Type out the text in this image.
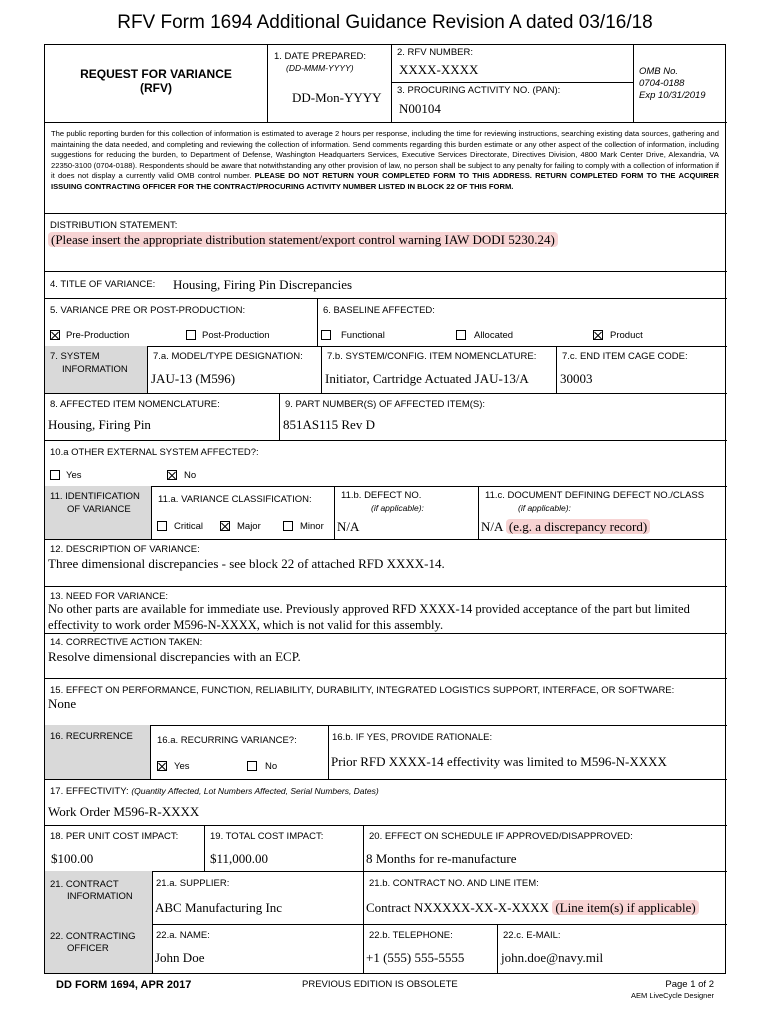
RFV Form 1694 Additional Guidance Revision A dated 03/16/18
REQUEST FOR VARIANCE
(RFV)
1. DATE PREPARED:
(DD-MMM-YYYY)
DD-Mon-YYYY
2. RFV NUMBER:
XXXX-XXXX
3. PROCURING ACTIVITY NO. (PAN):
N00104
OMB No.
0704-0188
Exp 10/31/2019
The public reporting burden for this collection of information is estimated to average 2 hours per response, including the time for reviewing instructions, searching existing data sources, gathering and maintaining the data needed, and completing and reviewing the collection of information. Send comments regarding this burden estimate or any other aspect of the collection of information, including suggestions for reducing the burden, to Department of Defense, Washington Headquarters Services, Executive Services Directorate, Directives Division, 4800 Mark Center Drive, Alexandria, VA 22350-3100 (0704-0188). Respondents should be aware that notwithstanding any other provision of law, no person shall be subject to any penalty for failing to comply with a collection of information if it does not display a currently valid OMB control number. PLEASE DO NOT RETURN YOUR COMPLETED FORM TO THIS ADDRESS. RETURN COMPLETED FORM TO THE ACQUIRER ISSUING CONTRACTING OFFICER FOR THE CONTRACT/PROCURING ACTIVITY NUMBER LISTED IN BLOCK 22 OF THIS FORM.
DISTRIBUTION STATEMENT:
(Please insert the appropriate distribution statement/export control warning IAW DODI 5230.24)
4. TITLE OF VARIANCE: Housing, Firing Pin Discrepancies
5. VARIANCE PRE OR POST-PRODUCTION:	6. BASELINE AFFECTED:
Pre-Production	Post-Production	Functional	Allocated	Product
7. SYSTEM
INFORMATION
7.a. MODEL/TYPE DESIGNATION:
JAU-13 (M596)
7.b. SYSTEM/CONFIG. ITEM NOMENCLATURE:
Initiator, Cartridge Actuated JAU-13/A
7.c. END ITEM CAGE CODE:
30003
8. AFFECTED ITEM NOMENCLATURE:
Housing, Firing Pin
9. PART NUMBER(S) OF AFFECTED ITEM(S):
851AS115 Rev D
10.a OTHER EXTERNAL SYSTEM AFFECTED?:
Yes	No
11. IDENTIFICATION
OF VARIANCE
11.a. VARIANCE CLASSIFICATION:
Critical	Major	Minor
11.b. DEFECT NO.
(if applicable):
N/A
11.c. DOCUMENT DEFINING DEFECT NO./CLASS
(if applicable):
N/A (e.g. a discrepancy record)
12. DESCRIPTION OF VARIANCE:
Three dimensional discrepancies - see block 22 of attached RFD XXXX-14.
13. NEED FOR VARIANCE:
No other parts are available for immediate use. Previously approved RFD XXXX-14 provided acceptance of the part but limited
effectivity to work order M596-N-XXXX, which is not valid for this assembly.
14. CORRECTIVE ACTION TAKEN:
Resolve dimensional discrepancies with an ECP.
15. EFFECT ON PERFORMANCE, FUNCTION, RELIABILITY, DURABILITY, INTEGRATED LOGISTICS SUPPORT, INTERFACE, OR SOFTWARE:
None
16. RECURRENCE	16.a. RECURRING VARIANCE?:
Yes	No
16.b. IF YES, PROVIDE RATIONALE:
Prior RFD XXXX-14 effectivity was limited to M596-N-XXXX
17. EFFECTIVITY: (Quantity Affected, Lot Numbers Affected, Serial Numbers, Dates)
Work Order M596-R-XXXX
18. PER UNIT COST IMPACT:
$100.00
19. TOTAL COST IMPACT:
$11,000.00
20. EFFECT ON SCHEDULE IF APPROVED/DISAPPROVED:
8 Months for re-manufacture
21. CONTRACT
INFORMATION
21.a. SUPPLIER:
ABC Manufacturing Inc
21.b. CONTRACT NO. AND LINE ITEM:
Contract NXXXXX-XX-X-XXXX (Line item(s) if applicable)
22. CONTRACTING
OFFICER
22.a. NAME:
John Doe
22.b. TELEPHONE:
+1 (555) 555-5555
22.c. E-MAIL:
john.doe@navy.mil
DD FORM 1694, APR 2017	PREVIOUS EDITION IS OBSOLETE	Page 1 of 2
AEM LiveCycle Designer
